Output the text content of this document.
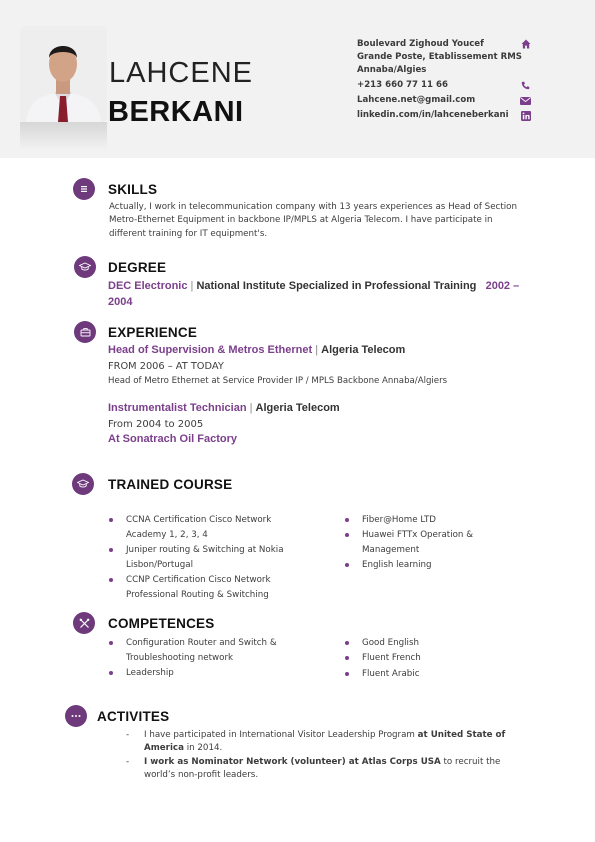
LAHCENE
BERKANI
Boulevard Zighoud Youcef
Grande Poste, Etablissement RMS
Annaba/Algies
+213 660 77 11 66
Lahcene.net@gmail.com
linkedin.com/in/lahceneberkani
SKILLS
Actually, I work in telecommunication company with 13 years experiences as Head of Section Metro-Ethernet Equipment in backbone IP/MPLS at Algeria Telecom. I have participate in different training for IT equipment's.
DEGREE
DEC Electronic | National Institute Specialized in Professional Training 2002 – 2004
EXPERIENCE
Head of Supervision & Metros Ethernet | Algeria Telecom
FROM 2006 – AT TODAY
Head of Metro Ethernet at Service Provider IP / MPLS Backbone Annaba/Algiers
Instrumentalist Technician | Algeria Telecom
From 2004 to 2005
At Sonatrach Oil Factory
TRAINED COURSE
CCNA Certification Cisco Network Academy 1, 2, 3, 4
Juniper routing & Switching at Nokia Lisbon/Portugal
CCNP Certification Cisco Network Professional Routing & Switching
Fiber@Home LTD
Huawei FTTx Operation & Management
English learning
COMPETENCES
Configuration Router and Switch & Troubleshooting network
Leadership
Good English
Fluent French
Fluent Arabic
ACTIVITES
- I have participated in International Visitor Leadership Program at United State of America in 2014.
- I work as Nominator Network (volunteer) at Atlas Corps USA to recruit the world’s non-profit leaders.
